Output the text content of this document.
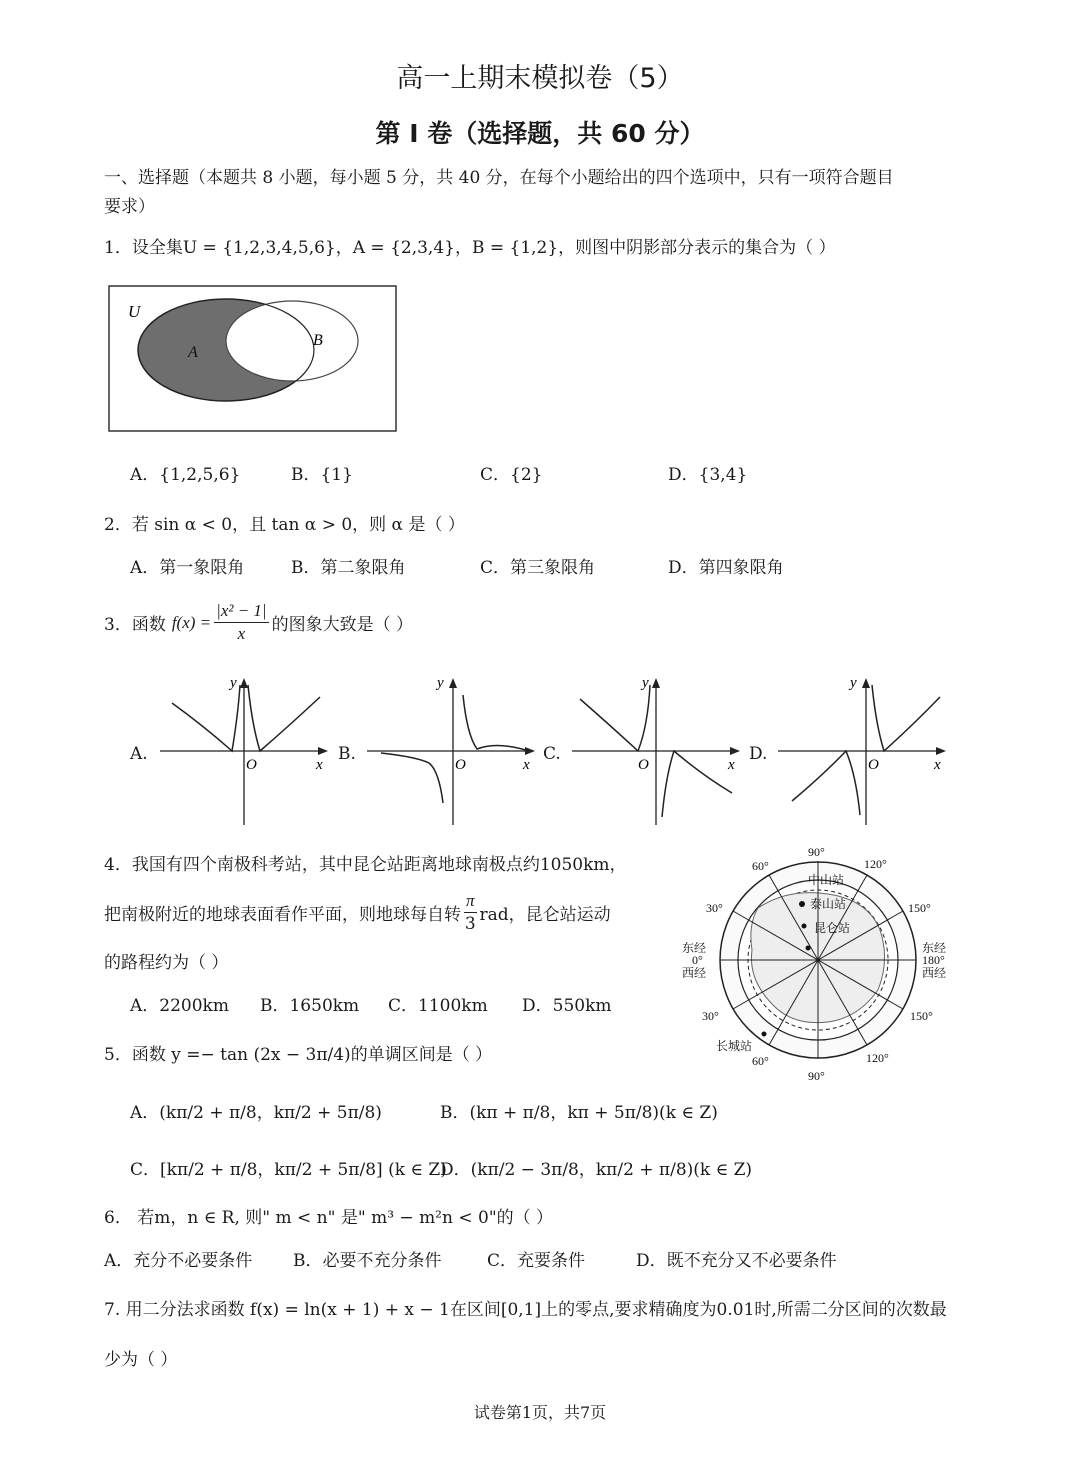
高一上期末模拟卷（5）
第 I 卷（选择题，共 60 分）
一、选择题（本题共 8 小题，每小题 5 分，共 40 分，在每个小题给出的四个选项中，只有一项符合题目
要求）
1．设全集U = {1,2,3,4,5,6}，A = {2,3,4}，B = {1,2}，则图中阴影部分表示的集合为（ ）
U
A
B
A．{1,2,5,6}	B．{1}	C．{2}	D．{3,4}
2．若 sin α < 0，且 tan α > 0，则 α 是（ ）
A．第一象限角	B．第二象限角	C．第三象限角	D．第四象限角
3．函数 $f(x) = \frac{\text{|x² − 1|}}{x}$ 的图象大致是（ ）
A.	B.	C.	D.
y
x
O
y
x
O
y
x
O
y
x
O
4．我国有四个南极科考站，其中昆仑站距离地球南极点约1050km，
把南极附近的地球表面看作平面，则地球每自转 $\frac{\pi}{3}$ rad，昆仑站运动
的路程约为（ ）
A．2200km B．1650km C．1100km D．550km
90°
90°
60°	120°
30°	150°
30°	150°
60°	120°
东经
0°
西经
东经
180°
西经
中山站
泰山站
昆仑站
长城站
5．函数 y =− tan (2x − 3π/4)的单调区间是（ ）
A．(kπ/2 + π/8，kπ/2 + 5π/8)	B．(kπ + π/8，kπ + 5π/8)(k ∈ Z)
C．[kπ/2 + π/8，kπ/2 + 5π/8] (k ∈ Z)
D．(kπ/2 − 3π/8，kπ/2 + π/8)(k ∈ Z)
6． 若m，n ∈ R, 则" m < n" 是" m³ − m²n < 0"的（ ）
A．充分不必要条件 B．必要不充分条件	C．充要条件	D．既不充分又不必要条件
7. 用二分法求函数 f(x) = ln(x + 1) + x − 1在区间[0,1]上的零点,要求精确度为0.01时,所需二分区间的次数最
少为（ ）
试卷第1页，共7页
